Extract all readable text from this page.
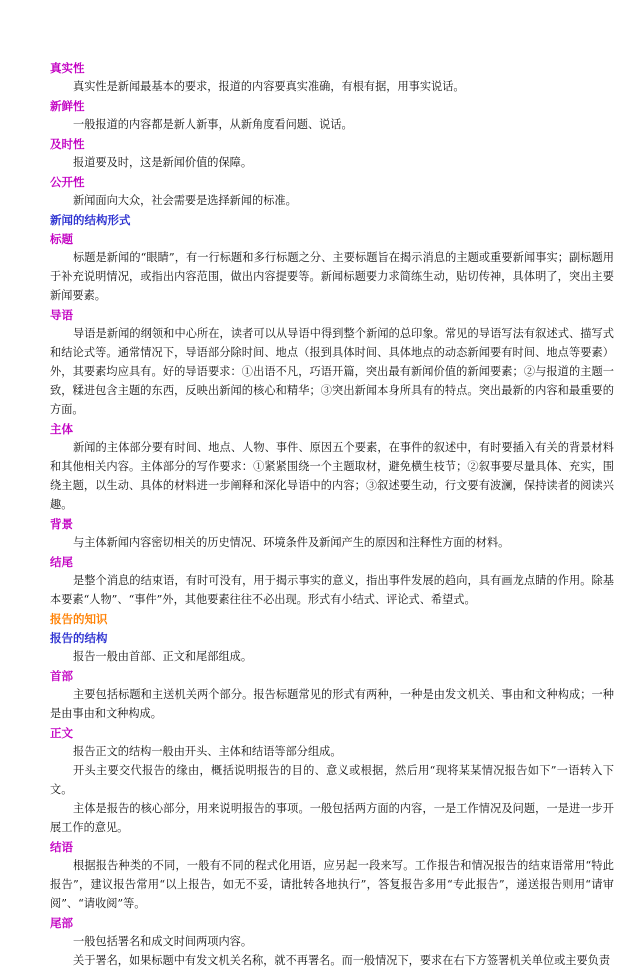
真实性
真实性是新闻最基本的要求，报道的内容要真实准确，有根有据，用事实说话。
新鲜性
一般报道的内容都是新人新事，从新角度看问题、说话。
及时性
报道要及时，这是新闻价值的保障。
公开性
新闻面向大众，社会需要是选择新闻的标准。
新闻的结构形式
标题
标题是新闻的“眼睛”，有一行标题和多行标题之分、主要标题旨在揭示消息的主题或重要新闻事实；副标题用于补充说明情况，或指出内容范围，做出内容提要等。新闻标题要力求简练生动，贴切传神，具体明了，突出主要新闻要素。
导语
导语是新闻的纲领和中心所在，读者可以从导语中得到整个新闻的总印象。常见的导语写法有叙述式、描写式和结论式等。通常情况下，导语部分除时间、地点（报到具体时间、具体地点的动态新闻要有时间、地点等要素）外，其要素均应具有。好的导语要求：①出语不凡，巧语开篇，突出最有新闻价值的新闻要素；②与报道的主题一致，糅进包含主题的东西，反映出新闻的核心和精华；③突出新闻本身所具有的特点。突出最新的内容和最重要的方面。
主体
新闻的主体部分要有时间、地点、人物、事件、原因五个要素，在事件的叙述中，有时要插入有关的背景材料和其他相关内容。主体部分的写作要求：①紧紧围绕一个主题取材，避免横生枝节；②叙事要尽量具体、充实，围绕主题，以生动、具体的材料进一步阐释和深化导语中的内容；③叙述要生动，行文要有波澜，保持读者的阅读兴趣。
背景
与主体新闻内容密切相关的历史情况、环境条件及新闻产生的原因和注释性方面的材料。
结尾
是整个消息的结束语，有时可没有，用于揭示事实的意义，指出事件发展的趋向，具有画龙点睛的作用。除基本要素“人物”、“事件”外，其他要素往往不必出现。形式有小结式、评论式、希望式。
报告的知识
报告的结构
报告一般由首部、正文和尾部组成。
首部
主要包括标题和主送机关两个部分。报告标题常见的形式有两种，一种是由发文机关、事由和文种构成；一种是由事由和文种构成。
正文
报告正文的结构一般由开头、主体和结语等部分组成。
开头主要交代报告的缘由，概括说明报告的目的、意义或根据，然后用“现将某某情况报告如下”一语转入下文。
主体是报告的核心部分，用来说明报告的事项。一般包括两方面的内容，一是工作情况及问题，一是进一步开展工作的意见。
结语
根据报告种类的不同，一般有不同的程式化用语，应另起一段来写。工作报告和情况报告的结束语常用“特此报告”，建议报告常用“以上报告，如无不妥，请批转各地执行”，答复报告多用“专此报告”，递送报告则用“请审阅”、“请收阅”等。
尾部
一般包括署名和成文时间两项内容。
关于署名，如果标题中有发文机关名称，就不再署名。而一般情况下，要求在右下方签署机关单位或主要负责
